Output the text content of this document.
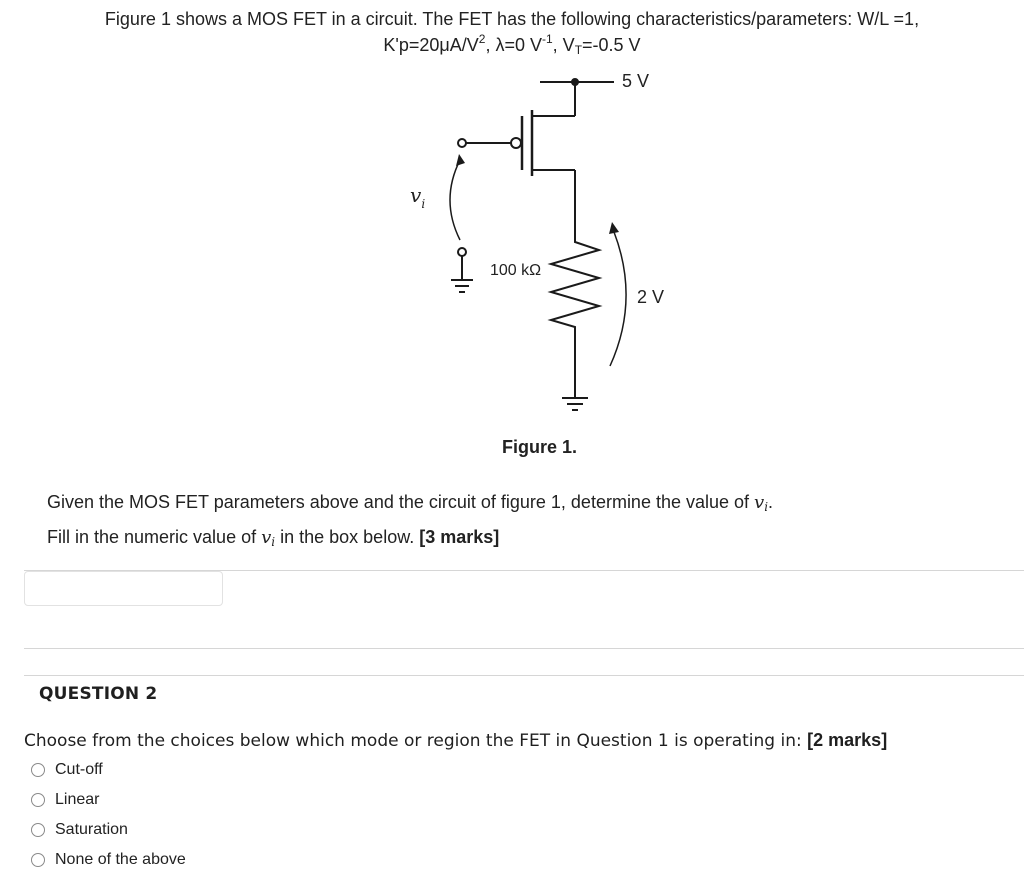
Figure 1 shows a MOS FET in a circuit. The FET has the following characteristics/parameters: W/L =1,
$K'p=20\mu A/V^2$, λ=0 $V^{-1}$, $V_T=-0.5$ V
5 V
$v_i$
100 kΩ
2 V
Figure 1.
Given the MOS FET parameters above and the circuit of figure 1, determine the value of $v_i$.
Fill in the numeric value of $v_i$ in the box below. [3 marks]
QUESTION 2
Choose from the choices below which mode or region the FET in Question 1 is operating in: [2 marks]
Cut-off
Linear
Saturation
None of the above
